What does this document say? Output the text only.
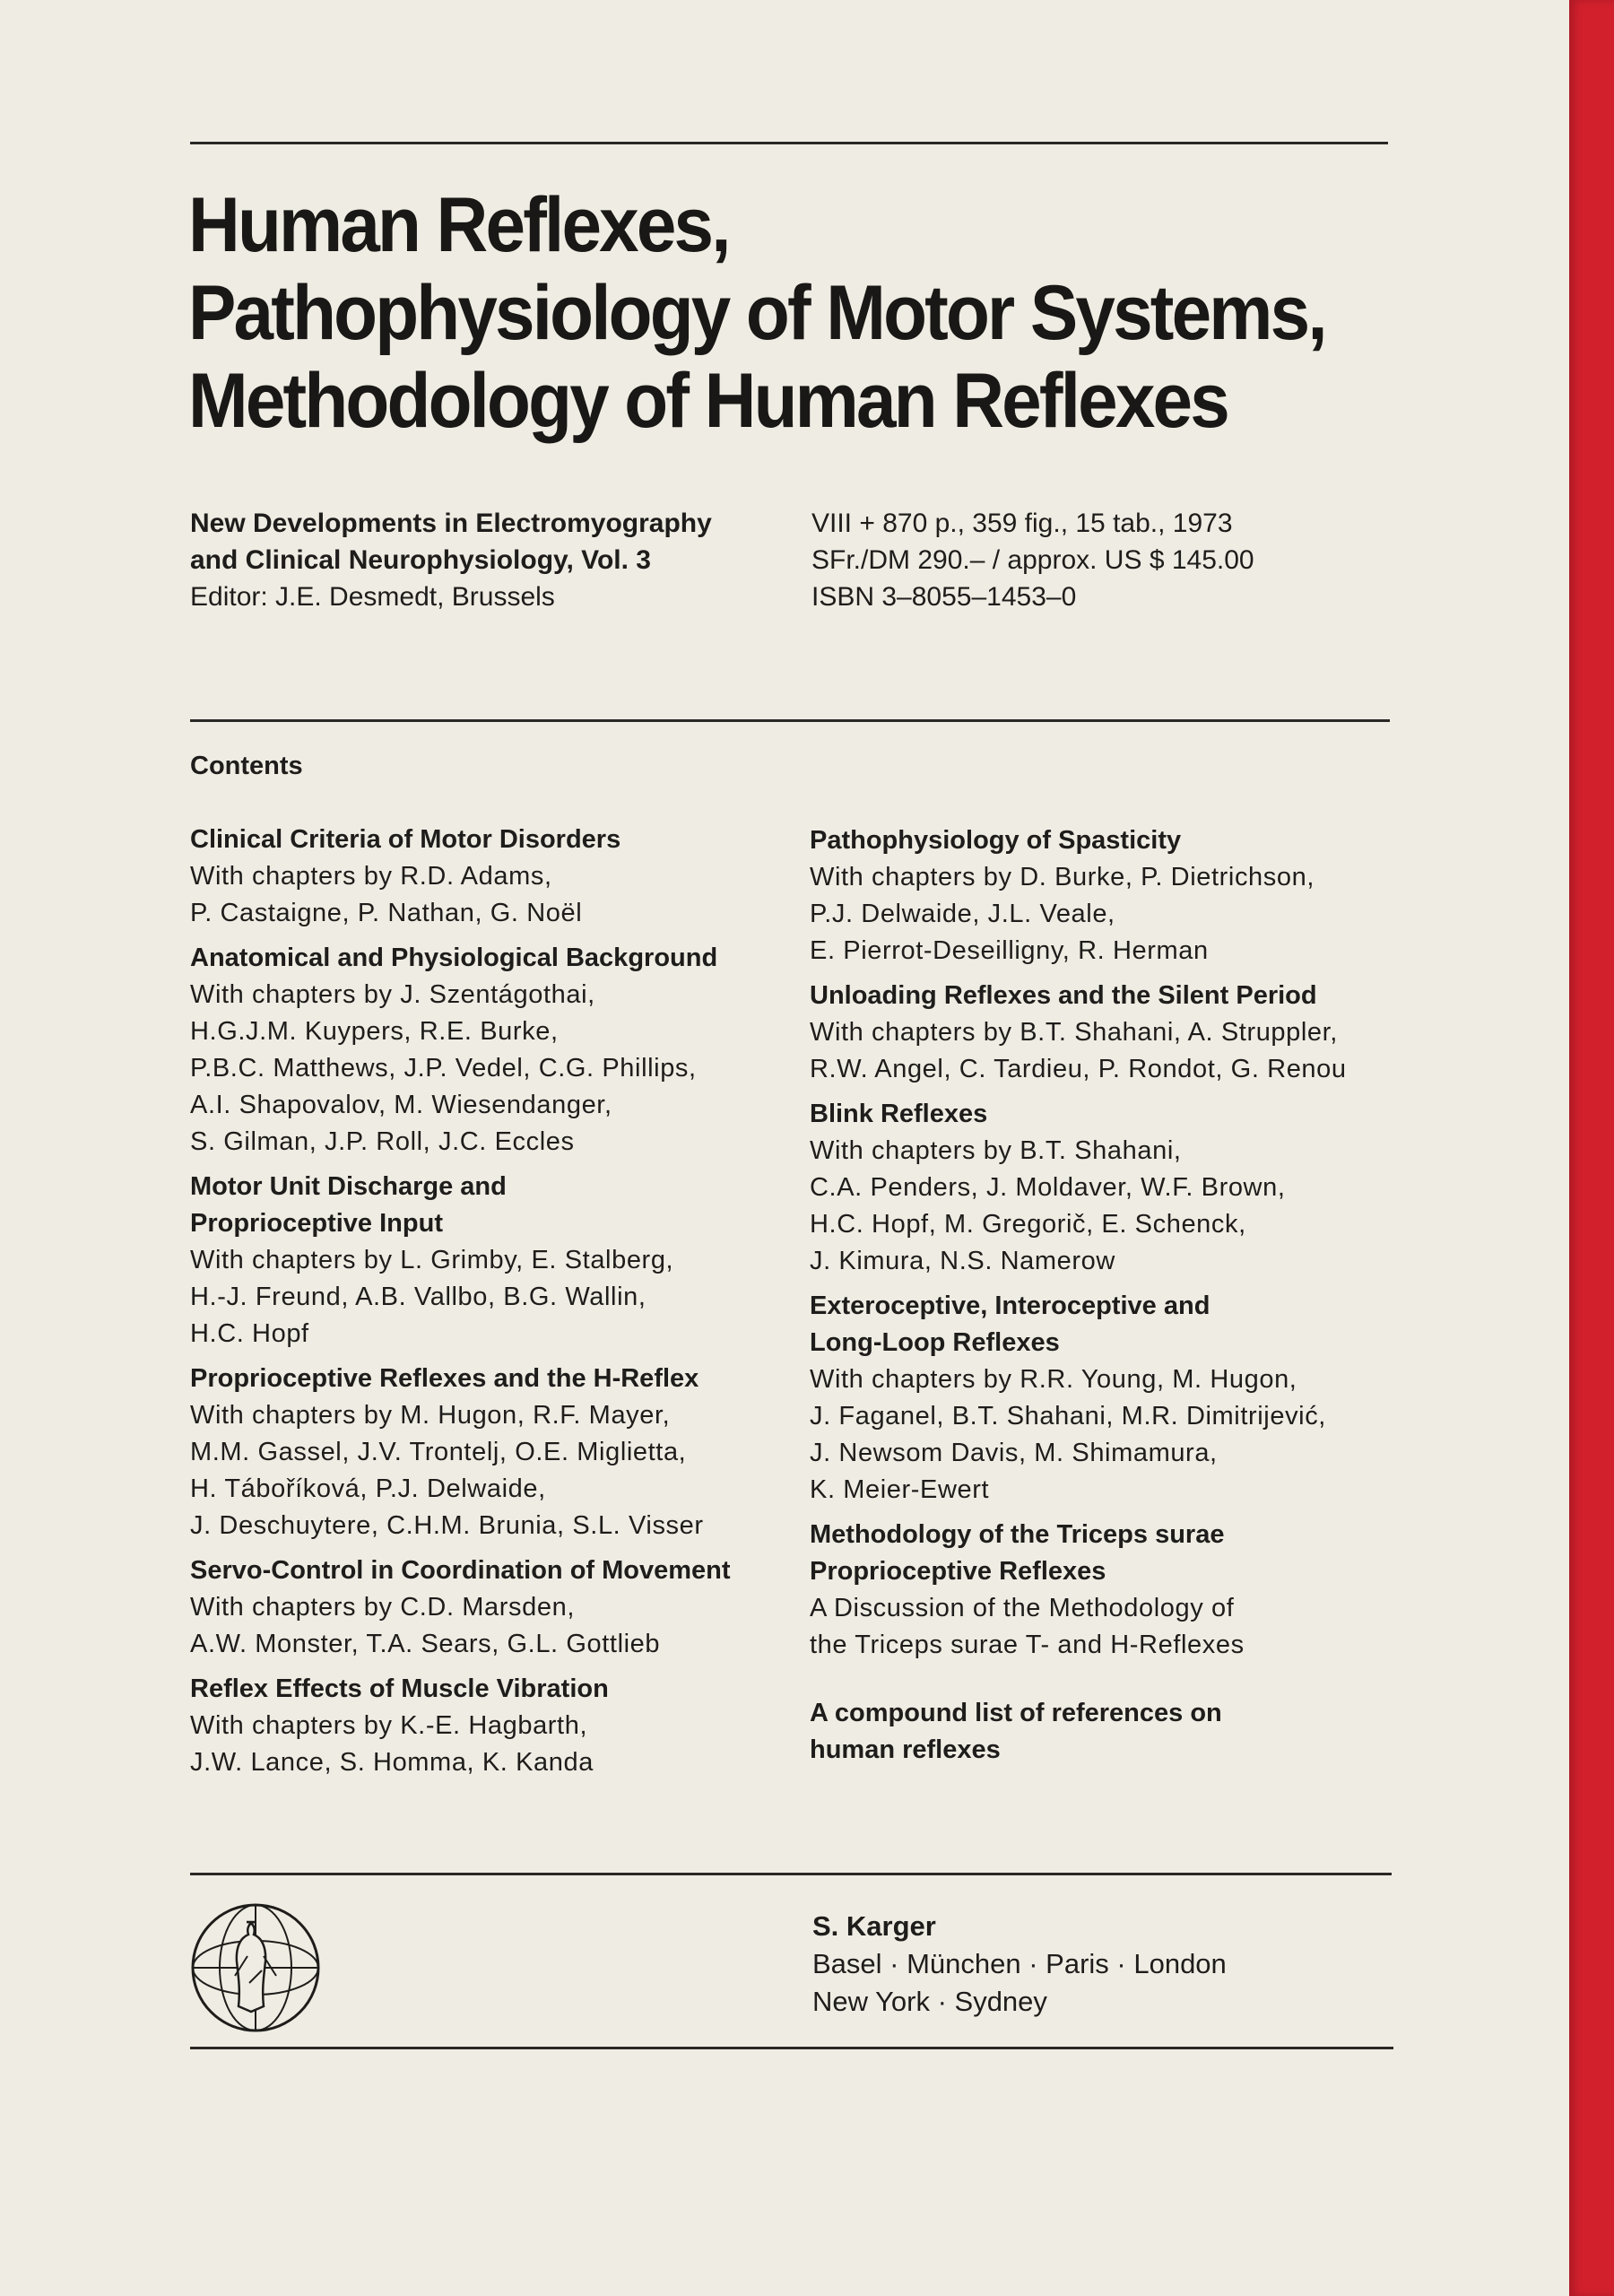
Human Reflexes,
Pathophysiology of Motor Systems,
Methodology of Human Reflexes
New Developments in Electromyography
and Clinical Neurophysiology, Vol. 3
Editor: J.E. Desmedt, Brussels
VIII + 870 p., 359 fig., 15 tab., 1973
SFr./DM 290.– / approx. US $ 145.00
ISBN 3–8055–1453–0
Contents
Clinical Criteria of Motor Disorders
With chapters by R.D. Adams,
P. Castaigne, P. Nathan, G. Noël
Anatomical and Physiological Background
With chapters by J. Szentágothai,
H.G.J.M. Kuypers, R.E. Burke,
P.B.C. Matthews, J.P. Vedel, C.G. Phillips,
A.I. Shapovalov, M. Wiesendanger,
S. Gilman, J.P. Roll, J.C. Eccles
Motor Unit Discharge and
Proprioceptive Input
With chapters by L. Grimby, E. Stalberg,
H.-J. Freund, A.B. Vallbo, B.G. Wallin,
H.C. Hopf
Proprioceptive Reflexes and the H-Reflex
With chapters by M. Hugon, R.F. Mayer,
M.M. Gassel, J.V. Trontelj, O.E. Miglietta,
H. Táboříková, P.J. Delwaide,
J. Deschuytere, C.H.M. Brunia, S.L. Visser
Servo-Control in Coordination of Movement
With chapters by C.D. Marsden,
A.W. Monster, T.A. Sears, G.L. Gottlieb
Reflex Effects of Muscle Vibration
With chapters by K.-E. Hagbarth,
J.W. Lance, S. Homma, K. Kanda
Pathophysiology of Spasticity
With chapters by D. Burke, P. Dietrichson,
P.J. Delwaide, J.L. Veale,
E. Pierrot-Deseilligny, R. Herman
Unloading Reflexes and the Silent Period
With chapters by B.T. Shahani, A. Struppler,
R.W. Angel, C. Tardieu, P. Rondot, G. Renou
Blink Reflexes
With chapters by B.T. Shahani,
C.A. Penders, J. Moldaver, W.F. Brown,
H.C. Hopf, M. Gregorič, E. Schenck,
J. Kimura, N.S. Namerow
Exteroceptive, Interoceptive and
Long-Loop Reflexes
With chapters by R.R. Young, M. Hugon,
J. Faganel, B.T. Shahani, M.R. Dimitrijević,
J. Newsom Davis, M. Shimamura,
K. Meier-Ewert
Methodology of the Triceps surae
Proprioceptive Reflexes
A Discussion of the Methodology of
the Triceps surae T- and H-Reflexes
A compound list of references on
human reflexes
S. Karger
Basel · München · Paris · London
New York · Sydney
